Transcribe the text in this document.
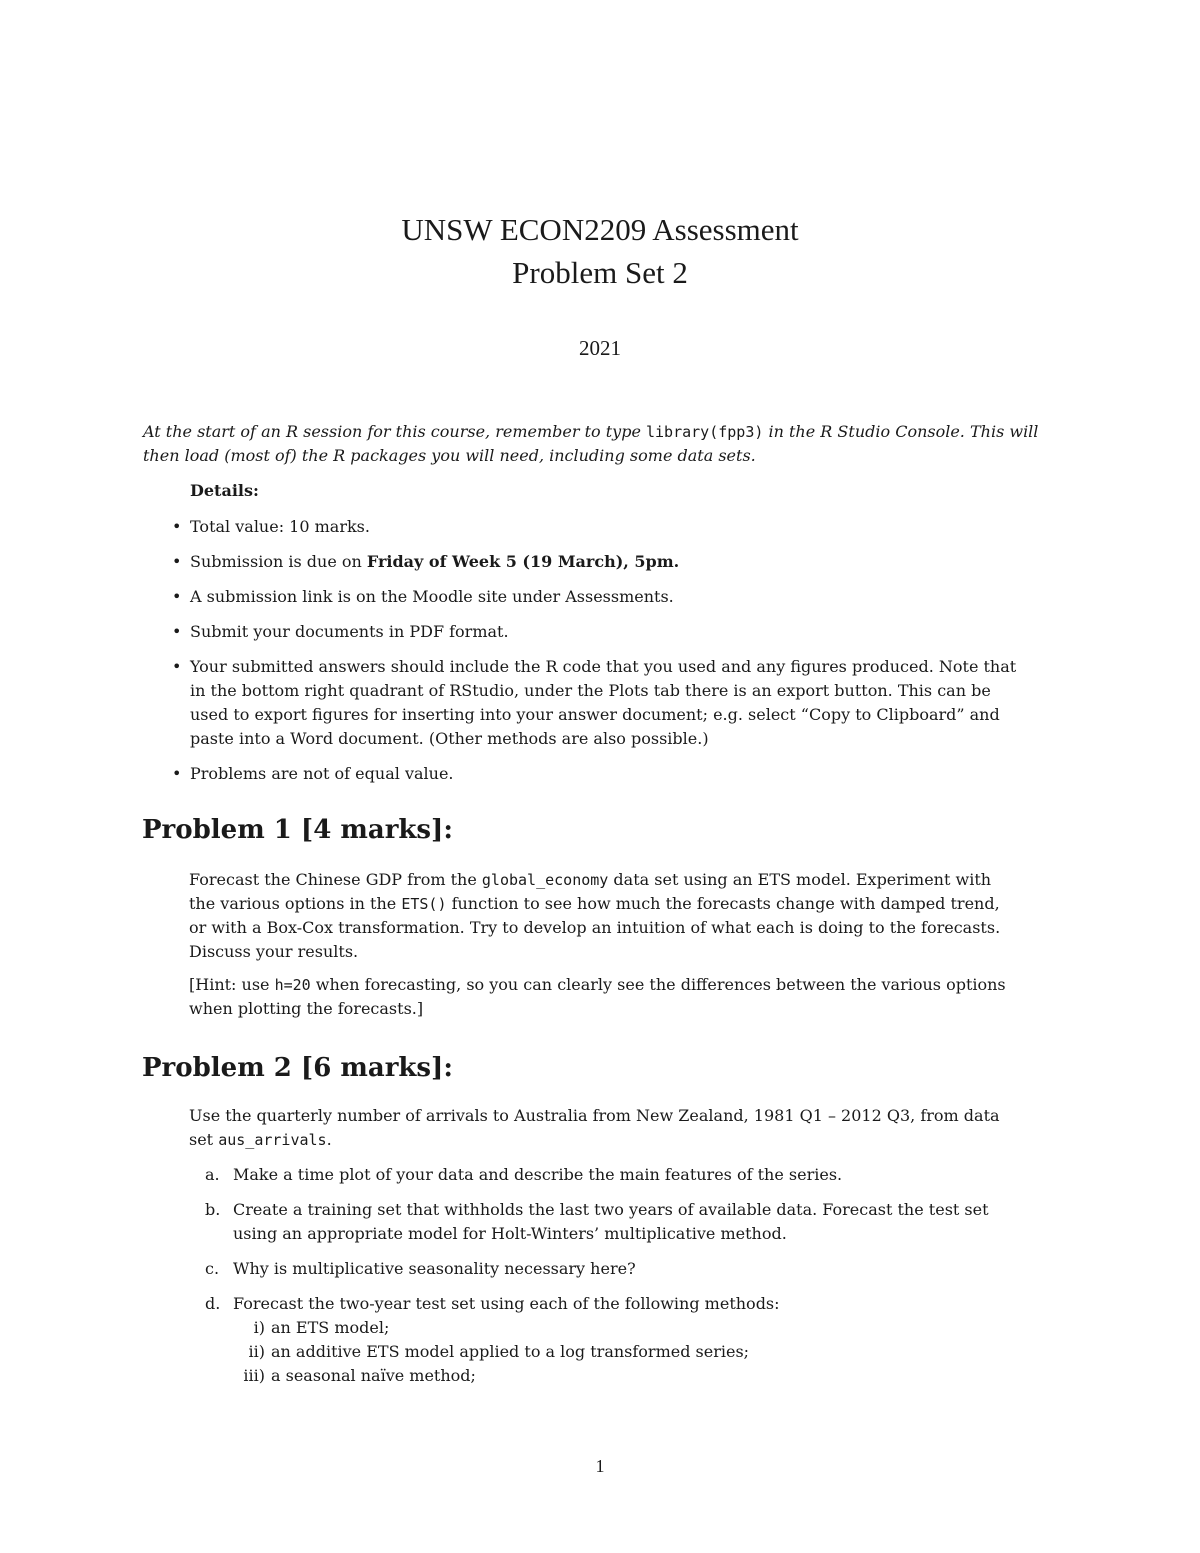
UNSW ECON2209 Assessment
Problem Set 2
2021
At the start of an R session for this course, remember to type library(fpp3) in the R Studio Console. This will then load (most of) the R packages you will need, including some data sets.
Details:
• Total value: 10 marks.
• Submission is due on Friday of Week 5 (19 March), 5pm.
• A submission link is on the Moodle site under Assessments.
• Submit your documents in PDF format.
• Your submitted answers should include the R code that you used and any figures produced. Note that in the bottom right quadrant of RStudio, under the Plots tab there is an export button. This can be used to export figures for inserting into your answer document; e.g. select “Copy to Clipboard” and paste into a Word document. (Other methods are also possible.)
• Problems are not of equal value.
Problem 1 [4 marks]:
Forecast the Chinese GDP from the global_economy data set using an ETS model. Experiment with the various options in the ETS() function to see how much the forecasts change with damped trend, or with a Box-Cox transformation. Try to develop an intuition of what each is doing to the forecasts. Discuss your results.
[Hint: use h=20 when forecasting, so you can clearly see the differences between the various options when plotting the forecasts.]
Problem 2 [6 marks]:
Use the quarterly number of arrivals to Australia from New Zealand, 1981 Q1 – 2012 Q3, from data set aus_arrivals.
a. Make a time plot of your data and describe the main features of the series.
b. Create a training set that withholds the last two years of available data. Forecast the test set using an appropriate model for Holt-Winters’ multiplicative method.
c. Why is multiplicative seasonality necessary here?
d. Forecast the two-year test set using each of the following methods:
i) an ETS model;
ii) an additive ETS model applied to a log transformed series;
iii) a seasonal naïve method;
1
